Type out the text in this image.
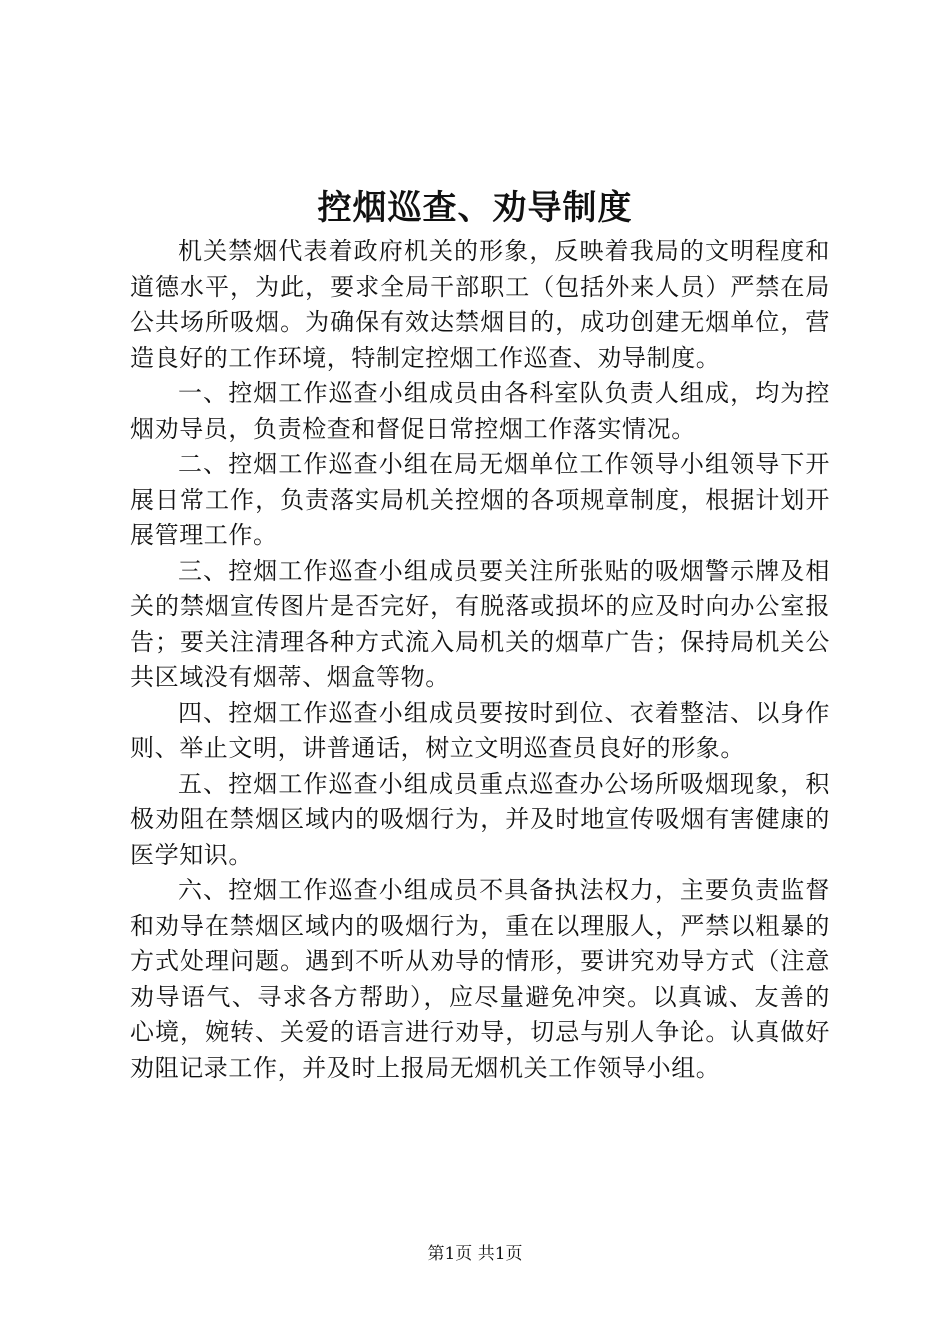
控烟巡查、劝导制度

机关禁烟代表着政府机关的形象，反映着我局的文明程度和道德水平，为此，要求全局干部职工（包括外来人员）严禁在局公共场所吸烟。为确保有效达禁烟目的，成功创建无烟单位，营造良好的工作环境，特制定控烟工作巡查、劝导制度。

一、控烟工作巡查小组成员由各科室队负责人组成，均为控烟劝导员，负责检查和督促日常控烟工作落实情况。

二、控烟工作巡查小组在局无烟单位工作领导小组领导下开展日常工作，负责落实局机关控烟的各项规章制度，根据计划开展管理工作。

三、控烟工作巡查小组成员要关注所张贴的吸烟警示牌及相关的禁烟宣传图片是否完好，有脱落或损坏的应及时向办公室报告；要关注清理各种方式流入局机关的烟草广告；保持局机关公共区域没有烟蒂、烟盒等物。

四、控烟工作巡查小组成员要按时到位、衣着整洁、以身作则、举止文明，讲普通话，树立文明巡查员良好的形象。

五、控烟工作巡查小组成员重点巡查办公场所吸烟现象，积极劝阻在禁烟区域内的吸烟行为，并及时地宣传吸烟有害健康的医学知识。

六、控烟工作巡查小组成员不具备执法权力，主要负责监督和劝导在禁烟区域内的吸烟行为，重在以理服人，严禁以粗暴的方式处理问题。遇到不听从劝导的情形，要讲究劝导方式（注意劝导语气、寻求各方帮助），应尽量避免冲突。以真诚、友善的心境，婉转、关爱的语言进行劝导，切忌与别人争论。认真做好劝阻记录工作，并及时上报局无烟机关工作领导小组。

第1页 共1页
